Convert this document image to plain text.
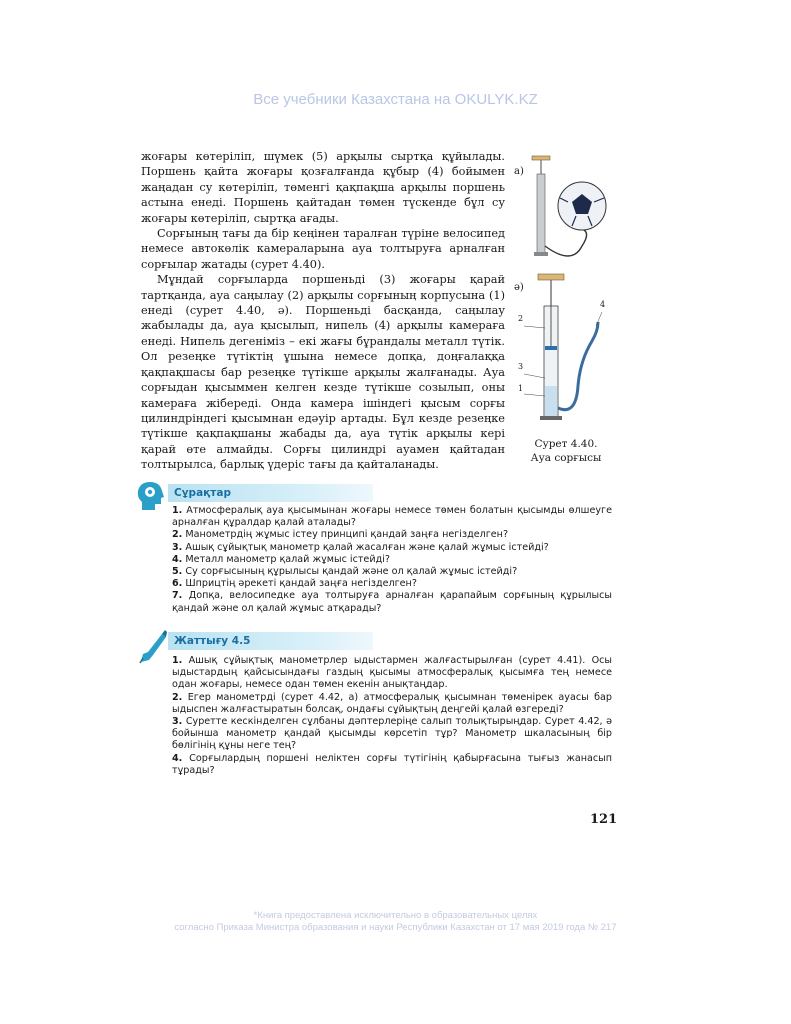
Все учебники Казахстана на OKULYK.KZ

жоғары көтеріліп, шүмек (5) арқылы сыртқа құйылады. Поршень қайта жоғары қозғалғанда құбыр (4) бойымен жаңадан су көтеріліп, төменгі қақпақша арқылы поршень астына енеді. Поршень қайтадан төмен түскенде бұл су жоғары көтеріліп, сыртқа ағады.

Сорғының тағы да бір кеңінен таралған түріне велосипед немесе автокөлік камераларына ауа толтыруға арналған сорғылар жатады (сурет 4.40).

Мұндай сорғыларда поршеньді (3) жоғары қарай тартқанда, ауа саңылау (2) арқылы сорғының корпусына (1) енеді (сурет 4.40, ә). Поршеньді басқанда, саңылау жабылады да, ауа қысылып, нипель (4) арқылы камераға енеді. Нипель дегеніміз – екі жағы бұрандалы металл түтік. Ол резеңке түтіктің ұшына немесе допқа, доңғалаққа қақпақшасы бар резеңке түтікше арқылы жалғанады. Ауа сорғыдан қысыммен келген кезде түтікше созылып, оны камераға жібереді. Онда камера ішіндегі қысым сорғы цилиндріндегі қысымнан едәуір артады. Бұл кезде резеңке түтікше қақпақшаны жабады да, ауа түтік арқылы кері қарай өте алмайды. Сорғы цилиндрі ауамен қайтадан толтырылса, барлық үдеріс тағы да қайталанады.

а)
ә)
2
3
1
4
Сурет 4.40.
Ауа сорғысы
Сұрақтар

1. Атмосфералық ауа қысымынан жоғары немесе төмен болатын қысымды өлшеуге арналған құралдар қалай аталады?

2. Манометрдің жұмыс істеу принципі қандай заңға негізделген?

3. Ашық сұйықтық манометр қалай жасалған және қалай жұмыс істейді?

4. Металл манометр қалай жұмыс істейді?

5. Су сорғысының құрылысы қандай және ол қалай жұмыс істейді?

6. Шприцтің әрекеті қандай заңға негізделген?

7. Допқа, велосипедке ауа толтыруға арналған қарапайым сорғының құрылысы қандай және ол қалай жұмыс атқарады?

Жаттығу 4.5

1. Ашық сұйықтық манометрлер ыдыстармен жалғастырылған (сурет 4.41). Осы ыдыстардың қайсысындағы газдың қысымы атмосфералық қысымға тең немесе одан жоғары, немесе одан төмен екенін анықтаңдар.

2. Егер манометрді (сурет 4.42, а) атмосфералық қысымнан төменірек ауасы бар ыдыспен жалғастыратын болсақ, ондағы сұйықтың деңгейі қалай өзгереді?

3. Суретте кескінделген сұлбаны дәптерлеріңе салып толықтырыңдар. Сурет 4.42, ә бойынша манометр қандай қысымды көрсетіп тұр? Манометр шкаласының бір бөлігінің құны неге тең?

4. Сорғылардың поршені неліктен сорғы түтігінің қабырғасына тығыз жанасып тұрады?

121
*Книга предоставлена исключительно в образовательных целях
согласно Приказа Министра образования и науки Республики Казахстан от 17 мая 2019 года № 217
